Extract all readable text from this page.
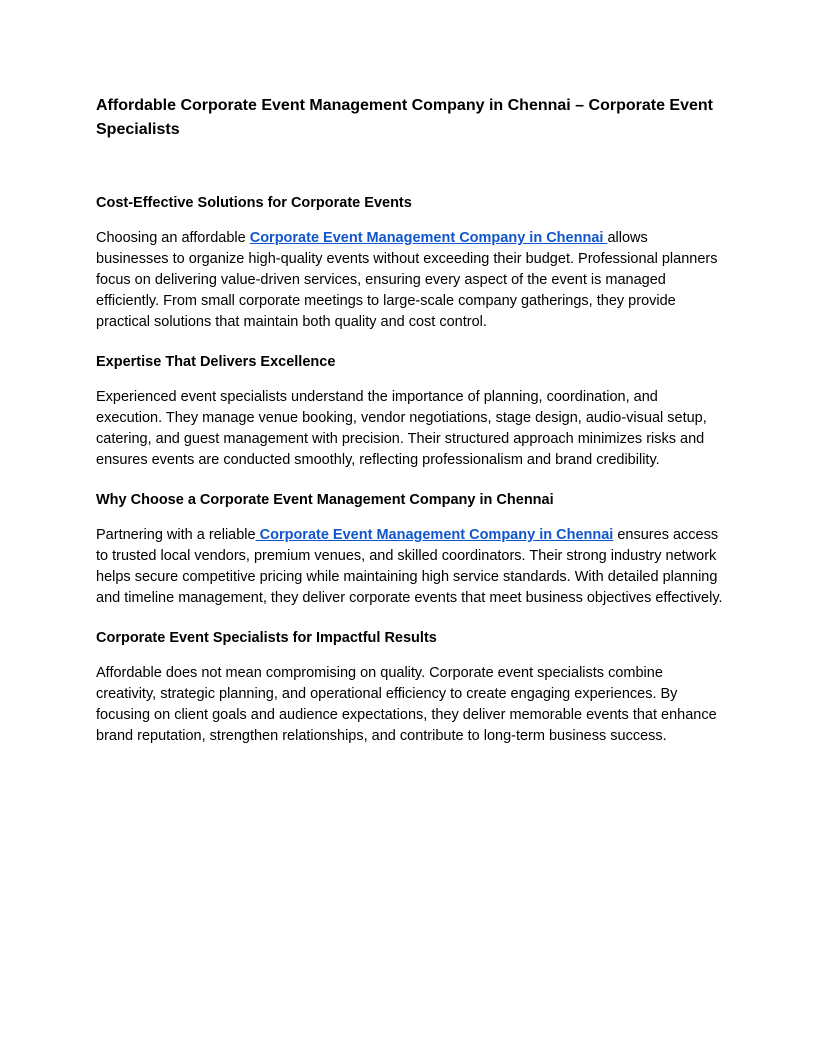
Affordable Corporate Event Management Company in Chennai – Corporate Event Specialists
Cost-Effective Solutions for Corporate Events

Choosing an affordable Corporate Event Management Company in Chennai allows businesses to organize high-quality events without exceeding their budget. Professional planners focus on delivering value-driven services, ensuring every aspect of the event is managed efficiently. From small corporate meetings to large-scale company gatherings, they provide practical solutions that maintain both quality and cost control.

Expertise That Delivers Excellence

Experienced event specialists understand the importance of planning, coordination, and execution. They manage venue booking, vendor negotiations, stage design, audio-visual setup, catering, and guest management with precision. Their structured approach minimizes risks and ensures events are conducted smoothly, reflecting professionalism and brand credibility.

Why Choose a Corporate Event Management Company in Chennai

Partnering with a reliable Corporate Event Management Company in Chennai ensures access to trusted local vendors, premium venues, and skilled coordinators. Their strong industry network helps secure competitive pricing while maintaining high service standards. With detailed planning and timeline management, they deliver corporate events that meet business objectives effectively.

Corporate Event Specialists for Impactful Results

Affordable does not mean compromising on quality. Corporate event specialists combine creativity, strategic planning, and operational efficiency to create engaging experiences. By focusing on client goals and audience expectations, they deliver memorable events that enhance brand reputation, strengthen relationships, and contribute to long-term business success.
